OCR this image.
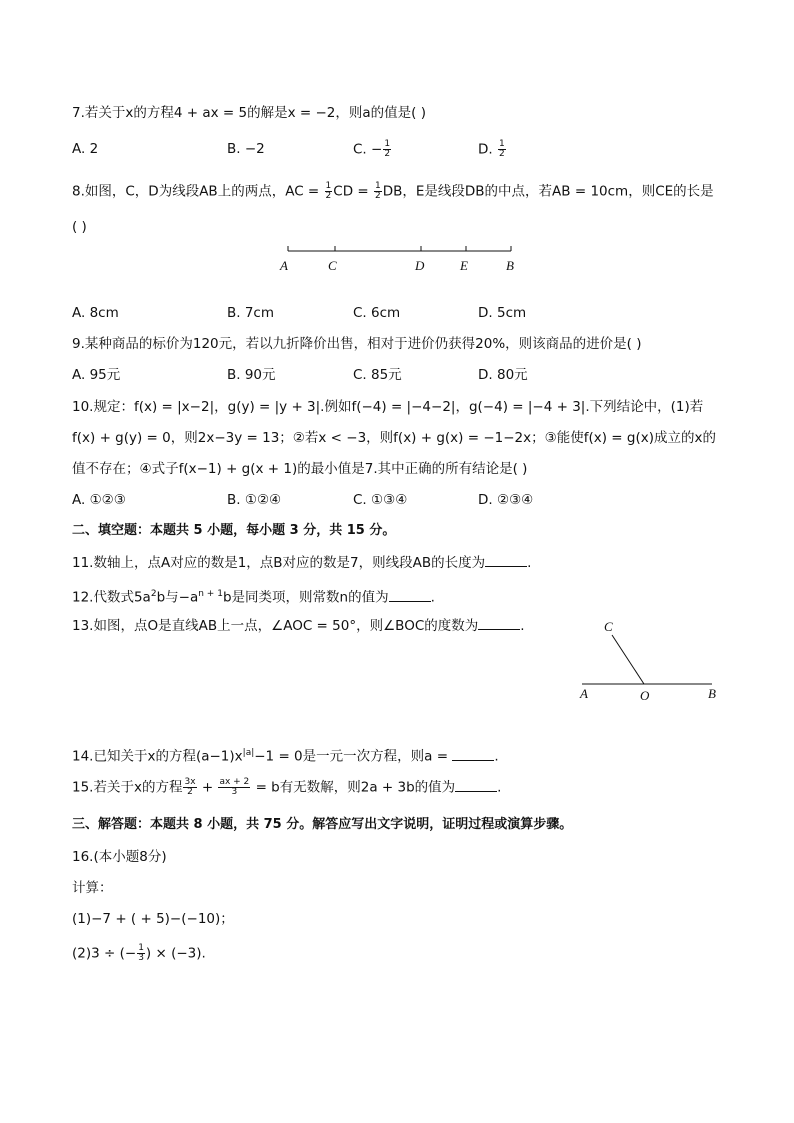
7.若关于x的方程4 + ax = 5的解是x = −2，则a的值是( )
A. 2	B. −2	C. − $\frac{1}{2}$	D. $\frac{1}{2}$
8.如图，C，D为线段AB上的两点，AC = $\frac{1}{2}$ CD = $\frac{1}{2}$ DB，E是线段DB的中点，若AB = 10cm，则CE的长是
( )
A	C	D	E	B
A. 8cm	B. 7cm	C. 6cm	D. 5cm
9.某种商品的标价为120元，若以九折降价出售，相对于进价仍获得20%，则该商品的进价是( )
A. 95元	B. 90元	C. 85元	D. 80元
10.规定：f(x) = |x−2|，g(y) = |y + 3|.例如f(−4) = |−4−2|，g(−4) = |−4 + 3|.下列结论中，(1)若
f(x) + g(y) = 0，则2x−3y = 13；②若x < −3，则f(x) + g(x) = −1−2x；③能使f(x) = g(x)成立的x的
值不存在；④式子f(x−1) + g(x + 1)的最小值是7.其中正确的所有结论是( )
A. ①②③	B. ①②④	C. ①③④	D. ②③④
二、填空题：本题共 5 小题，每小题 3 分，共 15 分。
11.数轴上，点A对应的数是1，点B对应的数是7，则线段AB的长度为	.
12.代数式$5a^2b$与$-a^{n + 1}b$是同类项，则常数n的值为	.
13.如图，点O是直线AB上一点，∠AOC = 50°，则∠BOC的度数为	.	C
A	O	B
14.已知关于x的方程$(a-1)x^{|a|}-1 = 0$是一元一次方程，则a =	.
15.若关于x的方程 $\frac{3x}{2} + \frac{ax + 2}{3} = b$有无数解，则2a + 3b的值为	.
三、解答题：本题共 8 小题，共 75 分。解答应写出文字说明，证明过程或演算步骤。
16.(本小题8分)
计算：
(1)−7 + ( + 5)−(−10)；
(2)3 ÷ (− $\frac{1}{3}$ ) × (−3).
